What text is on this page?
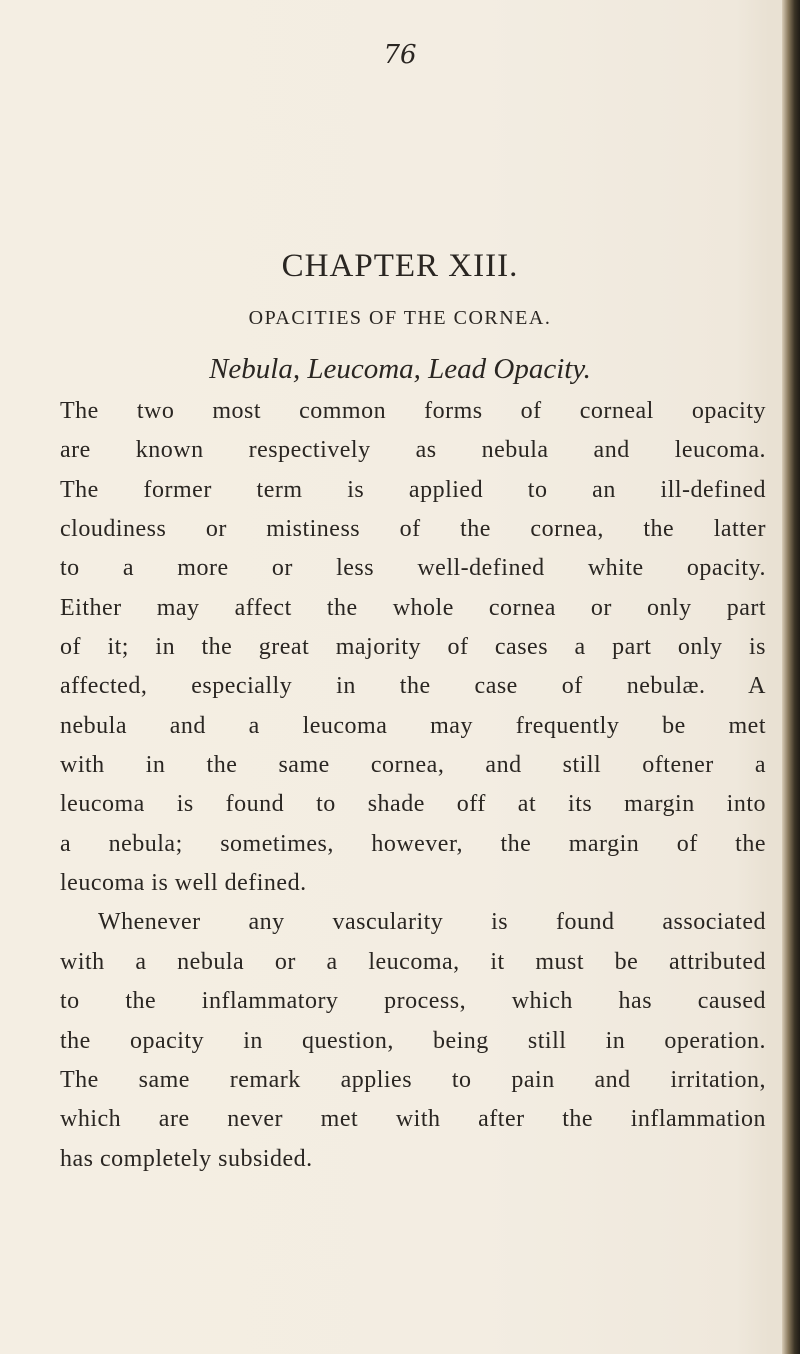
76
CHAPTER XIII.
OPACITIES OF THE CORNEA.
Nebula, Leucoma, Lead Opacity.
The two most common forms of corneal opacity
are known respectively as nebula and leucoma.
The former term is applied to an ill-defined
cloudiness or mistiness of the cornea, the latter
to a more or less well-defined white opacity.
Either may affect the whole cornea or only part
of it; in the great majority of cases a part only is
affected, especially in the case of nebulæ. A
nebula and a leucoma may frequently be met
with in the same cornea, and still oftener a
leucoma is found to shade off at its margin into
a nebula; sometimes, however, the margin of the
leucoma is well defined.
Whenever any vascularity is found associated
with a nebula or a leucoma, it must be attributed
to the inflammatory process, which has caused
the opacity in question, being still in operation.
The same remark applies to pain and irritation,
which are never met with after the inflammation
has completely subsided.
